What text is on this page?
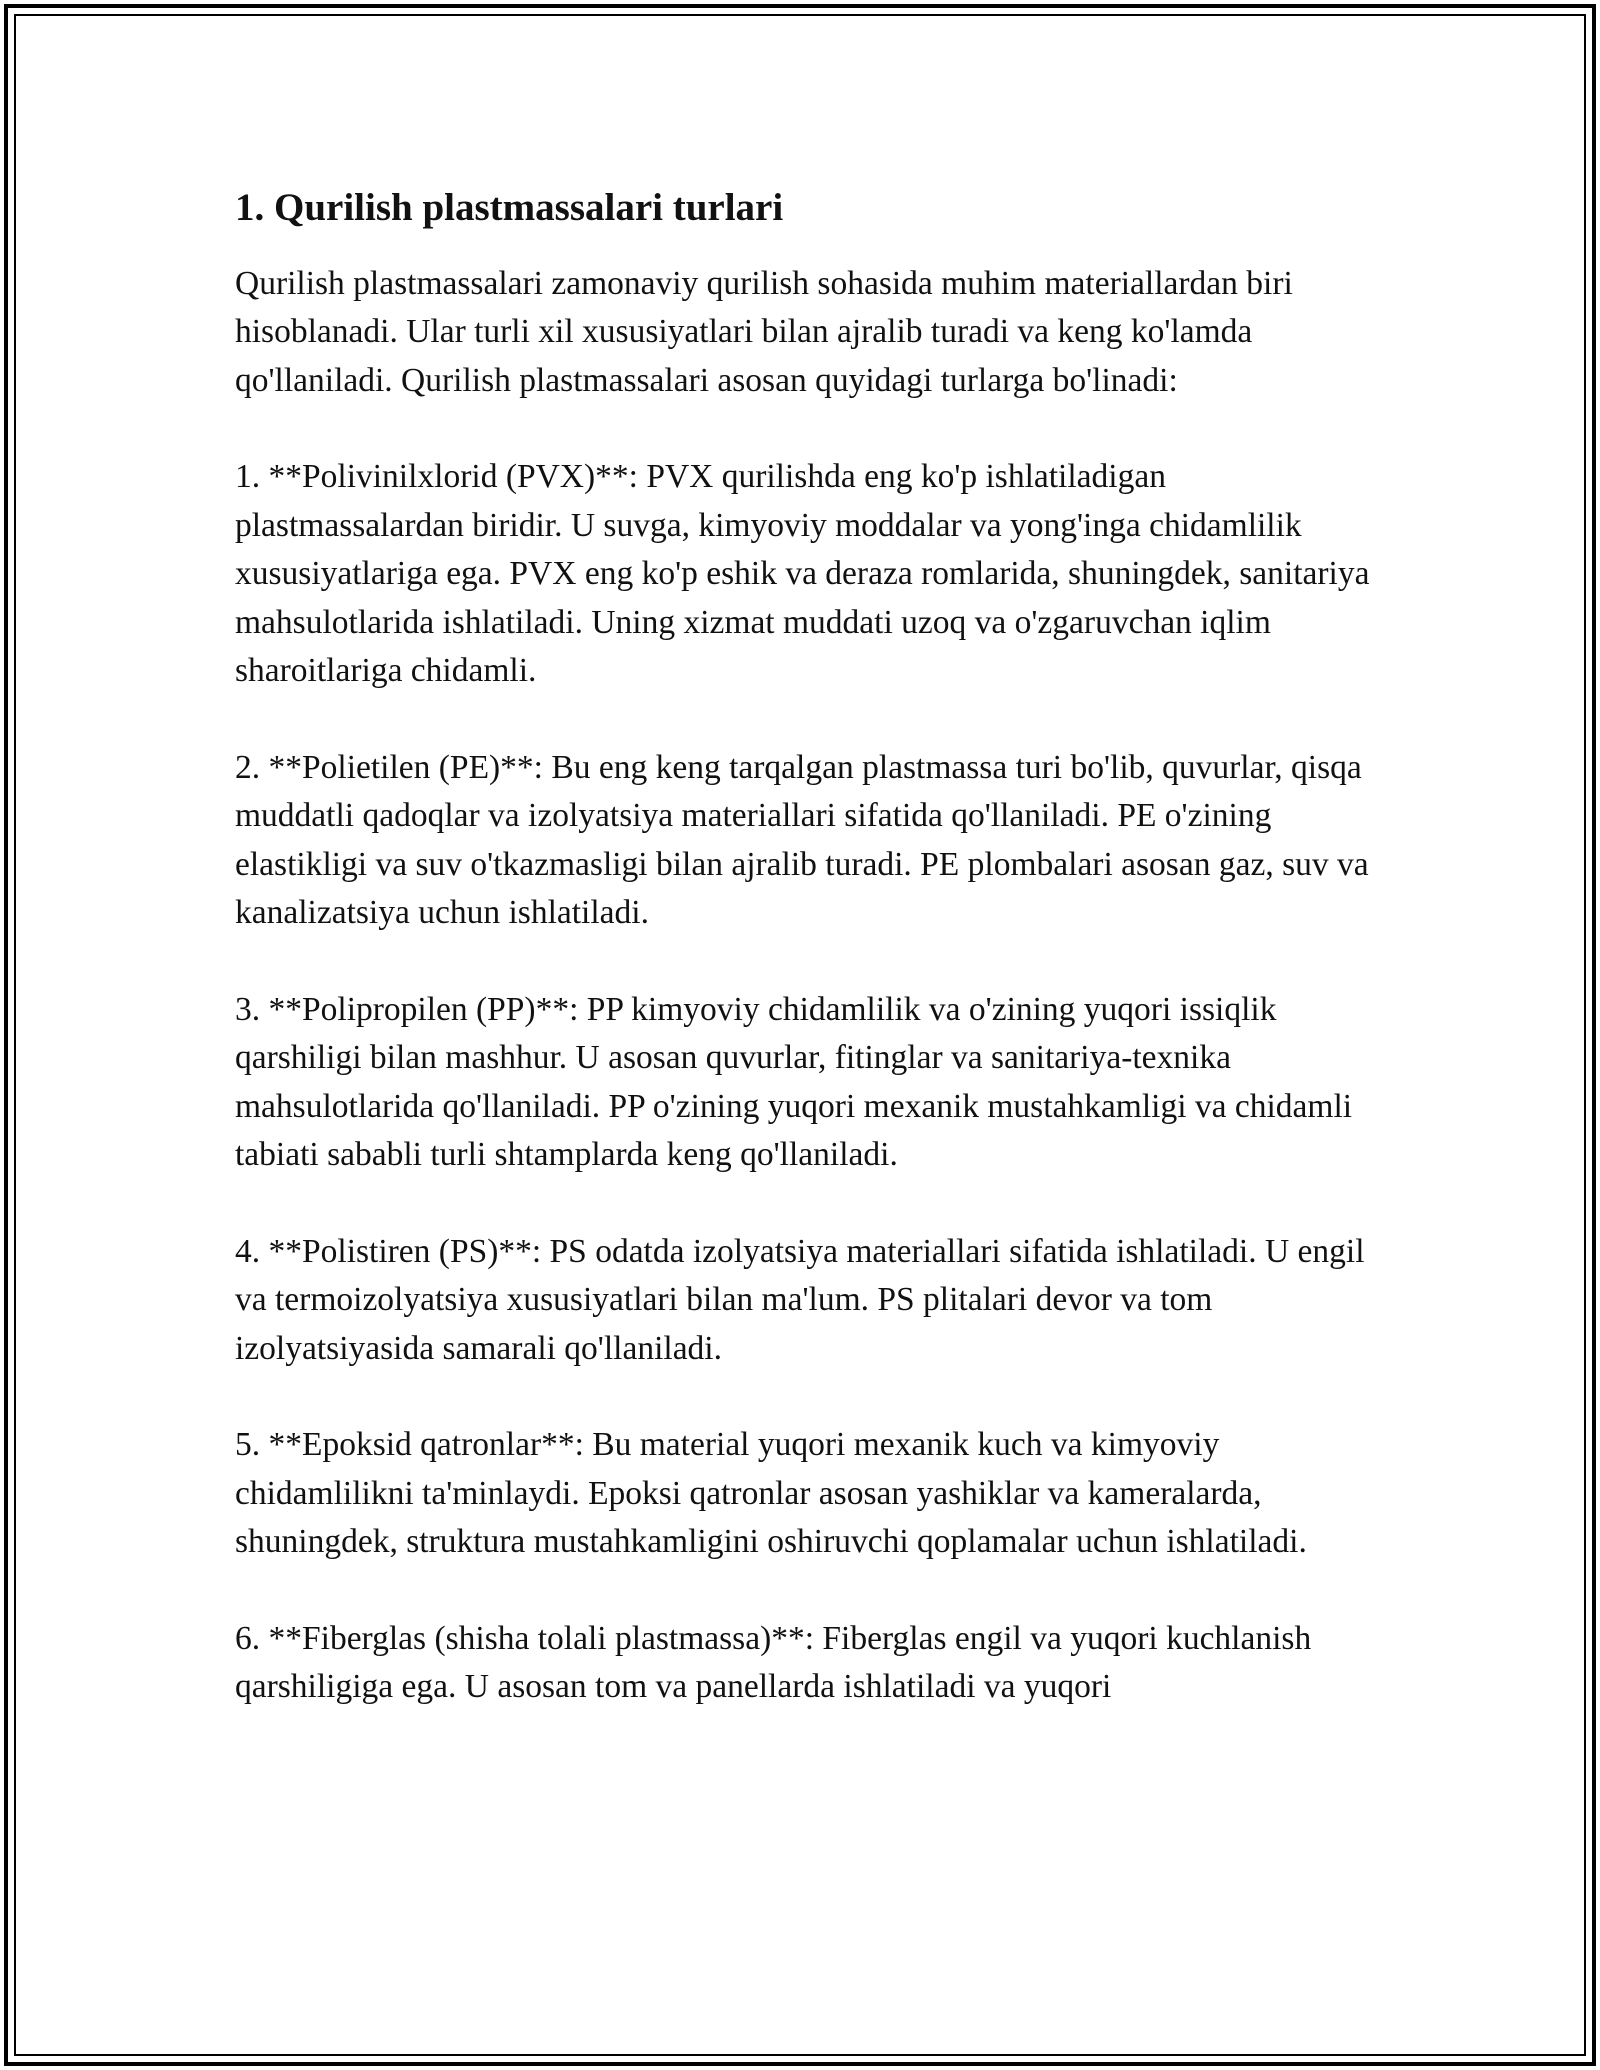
1. Qurilish plastmassalari turlari

Qurilish plastmassalari zamonaviy qurilish sohasida muhim materiallardan biri hisoblanadi. Ular turli xil xususiyatlari bilan ajralib turadi va keng ko'lamda qo'llaniladi. Qurilish plastmassalari asosan quyidagi turlarga bo'linadi:

1. **Polivinilxlorid (PVX)**: PVX qurilishda eng ko'p ishlatiladigan plastmassalardan biridir. U suvga, kimyoviy moddalar va yong'inga chidamlilik xususiyatlariga ega. PVX eng ko'p eshik va deraza romlarida, shuningdek, sanitariya mahsulotlarida ishlatiladi. Uning xizmat muddati uzoq va o'zgaruvchan iqlim sharoitlariga chidamli.

2. **Polietilen (PE)**: Bu eng keng tarqalgan plastmassa turi bo'lib, quvurlar, qisqa muddatli qadoqlar va izolyatsiya materiallari sifatida qo'llaniladi. PE o'zining elastikligi va suv o'tkazmasligi bilan ajralib turadi. PE plombalari asosan gaz, suv va kanalizatsiya uchun ishlatiladi.

3. **Polipropilen (PP)**: PP kimyoviy chidamlilik va o'zining yuqori issiqlik qarshiligi bilan mashhur. U asosan quvurlar, fitinglar va sanitariya-texnika mahsulotlarida qo'llaniladi. PP o'zining yuqori mexanik mustahkamligi va chidamli tabiati sababli turli shtamplarda keng qo'llaniladi.

4. **Polistiren (PS)**: PS odatda izolyatsiya materiallari sifatida ishlatiladi. U engil va termoizolyatsiya xususiyatlari bilan ma'lum. PS plitalari devor va tom izolyatsiyasida samarali qo'llaniladi.

5. **Epoksid qatronlar**: Bu material yuqori mexanik kuch va kimyoviy chidamlilikni ta'minlaydi. Epoksi qatronlar asosan yashiklar va kameralarda, shuningdek, struktura mustahkamligini oshiruvchi qoplamalar uchun ishlatiladi.

6. **Fiberglas (shisha tolali plastmassa)**: Fiberglas engil va yuqori kuchlanish qarshiligiga ega. U asosan tom va panellarda ishlatiladi va yuqori
